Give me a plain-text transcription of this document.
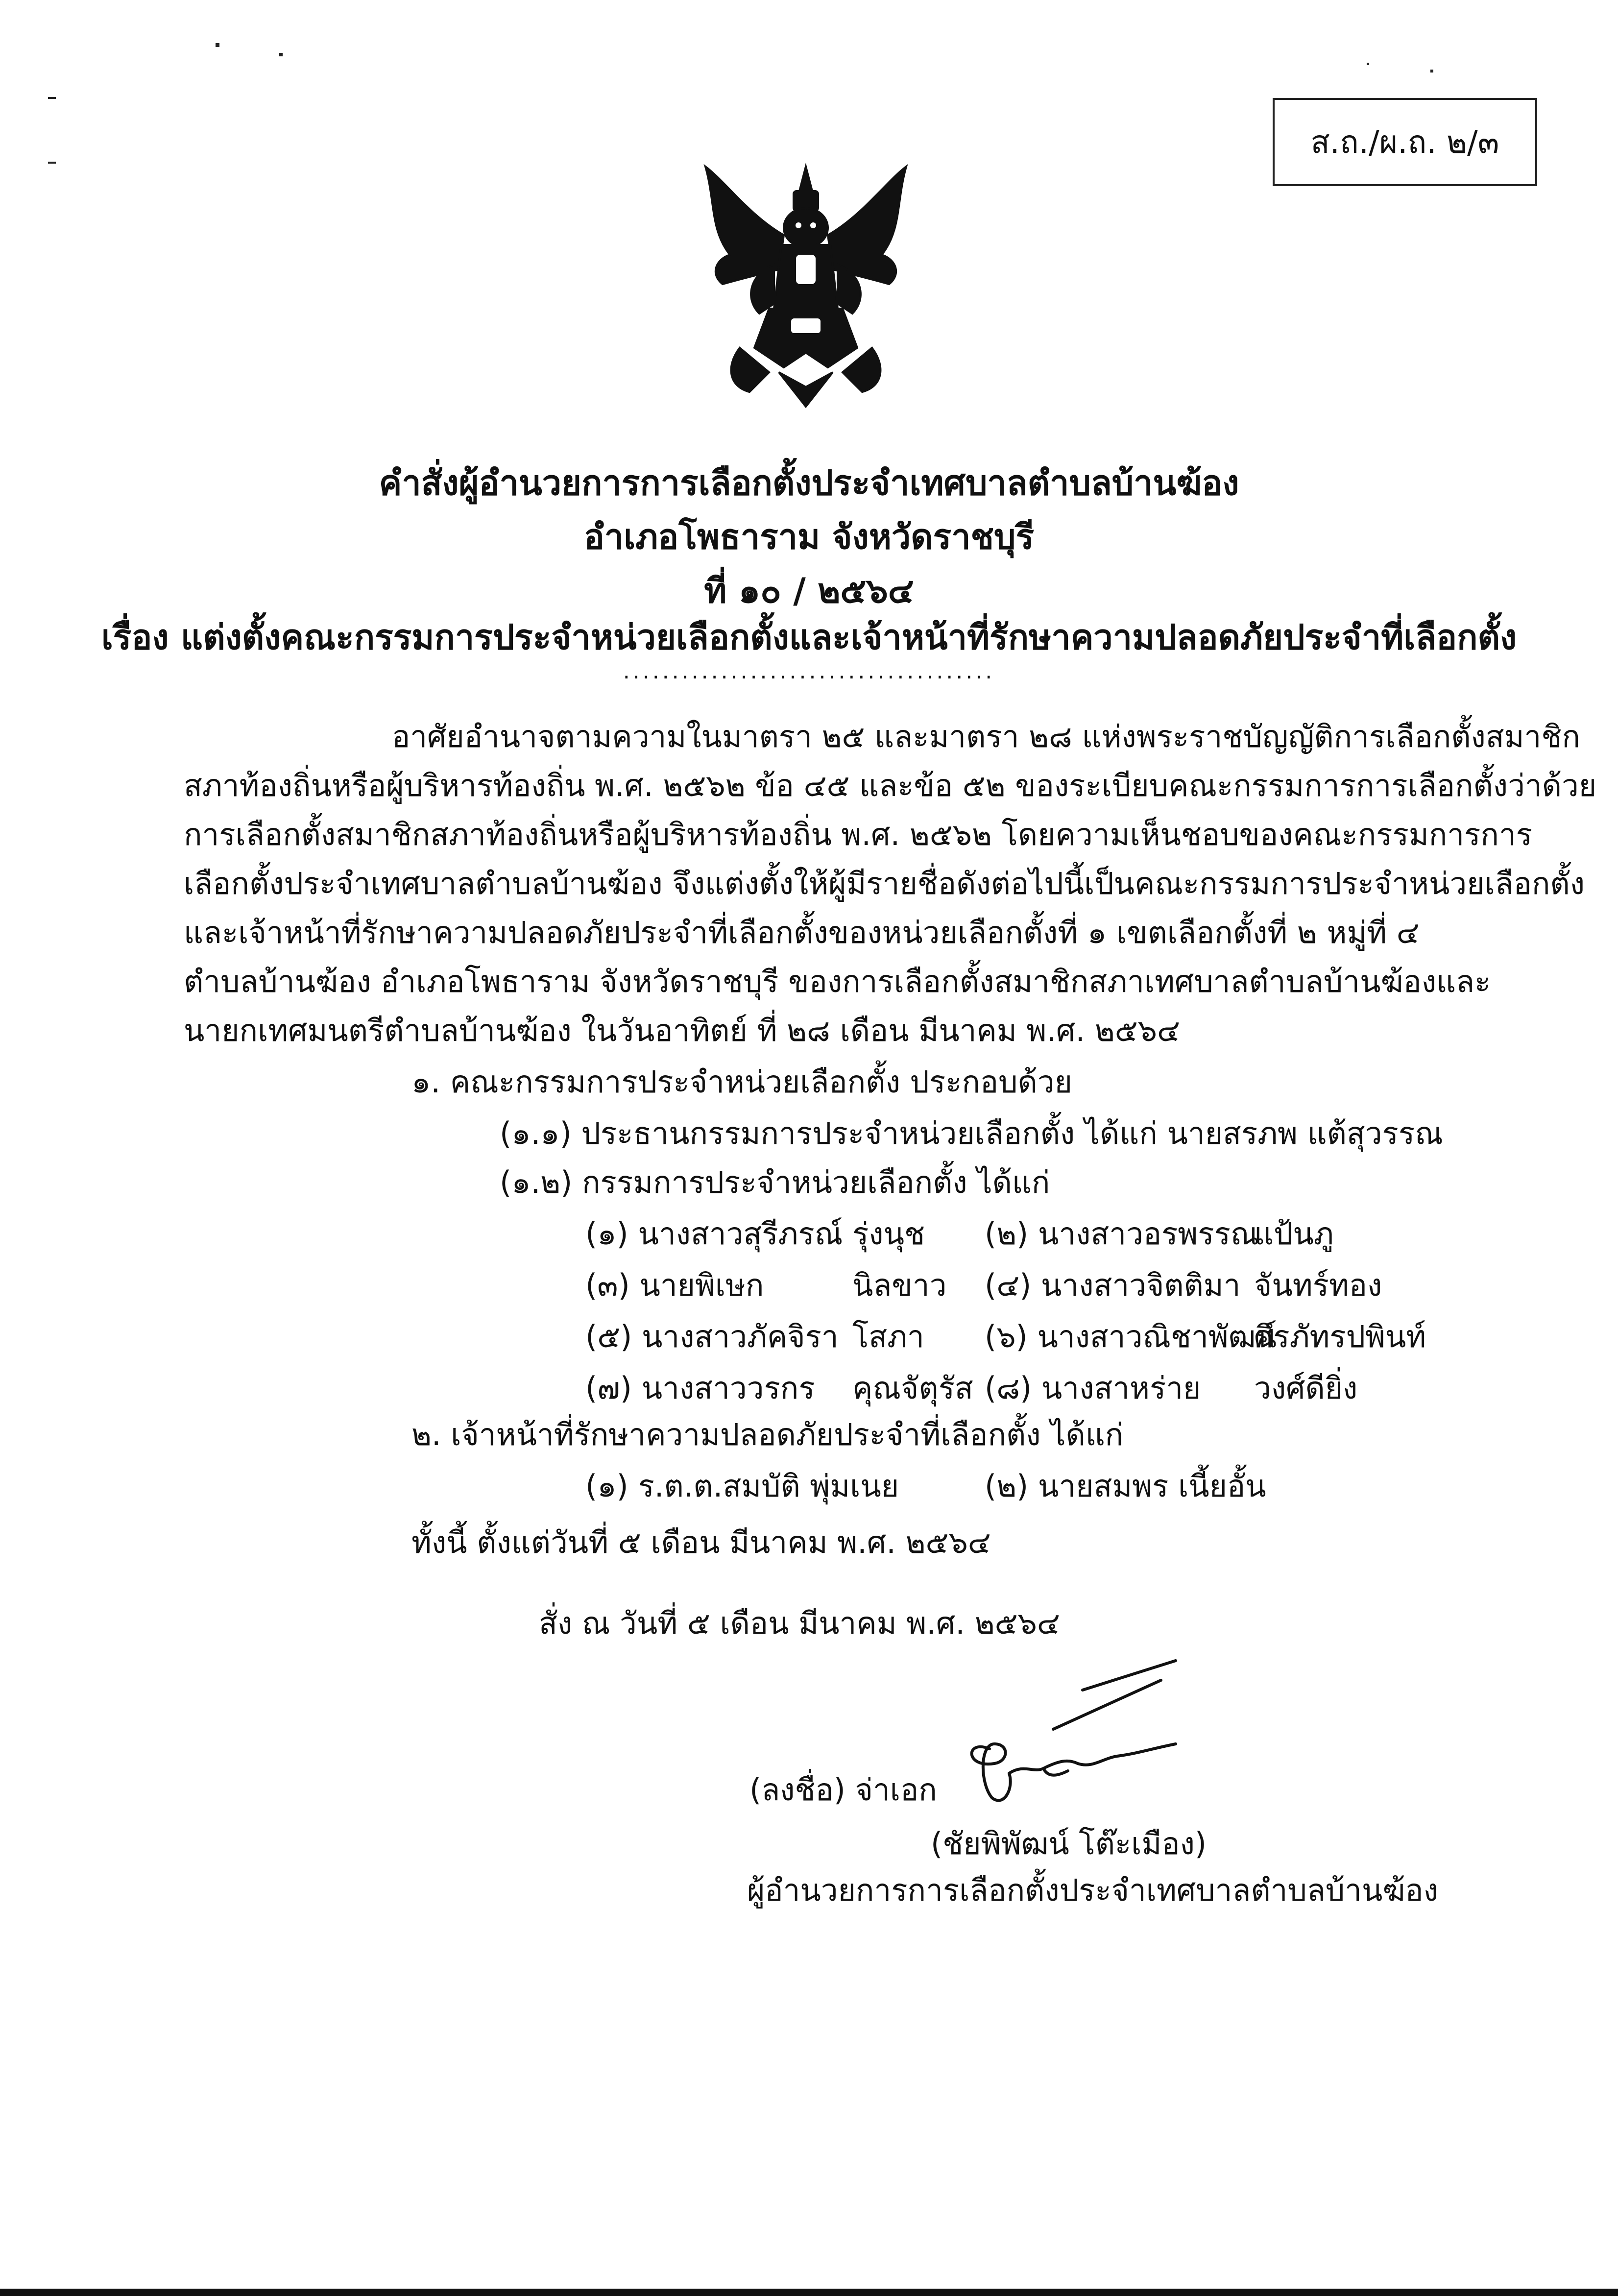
ส.ถ./ผ.ถ. ๒/๓
คำสั่งผู้อำนวยการการเลือกตั้งประจำเทศบาลตำบลบ้านฆ้อง
อำเภอโพธาราม จังหวัดราชบุรี
ที่ ๑๐ / ๒๕๖๔
เรื่อง แต่งตั้งคณะกรรมการประจำหน่วยเลือกตั้งและเจ้าหน้าที่รักษาความปลอดภัยประจำที่เลือกตั้ง
......................................
อาศัยอำนาจตามความในมาตรา ๒๕ และมาตรา ๒๘ แห่งพระราชบัญญัติการเลือกตั้งสมาชิก
สภาท้องถิ่นหรือผู้บริหารท้องถิ่น พ.ศ. ๒๕๖๒ ข้อ ๔๕ และข้อ ๕๒ ของระเบียบคณะกรรมการการเลือกตั้งว่าด้วย
การเลือกตั้งสมาชิกสภาท้องถิ่นหรือผู้บริหารท้องถิ่น พ.ศ. ๒๕๖๒ โดยความเห็นชอบของคณะกรรมการการ
เลือกตั้งประจำเทศบาลตำบลบ้านฆ้อง จึงแต่งตั้งให้ผู้มีรายชื่อดังต่อไปนี้เป็นคณะกรรมการประจำหน่วยเลือกตั้ง
และเจ้าหน้าที่รักษาความปลอดภัยประจำที่เลือกตั้งของหน่วยเลือกตั้งที่ ๑ เขตเลือกตั้งที่ ๒ หมู่ที่ ๔
ตำบลบ้านฆ้อง อำเภอโพธาราม จังหวัดราชบุรี ของการเลือกตั้งสมาชิกสภาเทศบาลตำบลบ้านฆ้องและ
นายกเทศมนตรีตำบลบ้านฆ้อง ในวันอาทิตย์ ที่ ๒๘ เดือน มีนาคม พ.ศ. ๒๕๖๔
๑. คณะกรรมการประจำหน่วยเลือกตั้ง ประกอบด้วย
(๑.๑) ประธานกรรมการประจำหน่วยเลือกตั้ง ได้แก่ นายสรภพ แต้สุวรรณ
(๑.๒) กรรมการประจำหน่วยเลือกตั้ง ได้แก่
(๑) นางสาวสุรีภรณ์ รุ่งนุช (๒) นางสาวอรพรรณ
แป้นภู
(๓) นายพิเษก	นิลขาว (๔) นางสาวจิตติมา จันทร์ทอง
(๕) นางสาวภัคจิรา โสภา (๖) นางสาวณิชาพัฒน์
ศิรภัทรปพินท์
(๗) นางสาววรกร คุณจัตุรัส (๘) นางสาหร่าย วงศ์ดียิ่ง
๒. เจ้าหน้าที่รักษาความปลอดภัยประจำที่เลือกตั้ง ได้แก่
(๑) ร.ต.ต.สมบัติ พุ่มเนย	(๒) นายสมพร เนี้ยอั้น
ทั้งนี้ ตั้งแต่วันที่ ๕ เดือน มีนาคม พ.ศ. ๒๕๖๔
สั่ง ณ วันที่ ๕ เดือน มีนาคม พ.ศ. ๒๕๖๔
(ลงชื่อ) จ่าเอก
(ชัยพิพัฒน์ โต๊ะเมือง)
ผู้อำนวยการการเลือกตั้งประจำเทศบาลตำบลบ้านฆ้อง
